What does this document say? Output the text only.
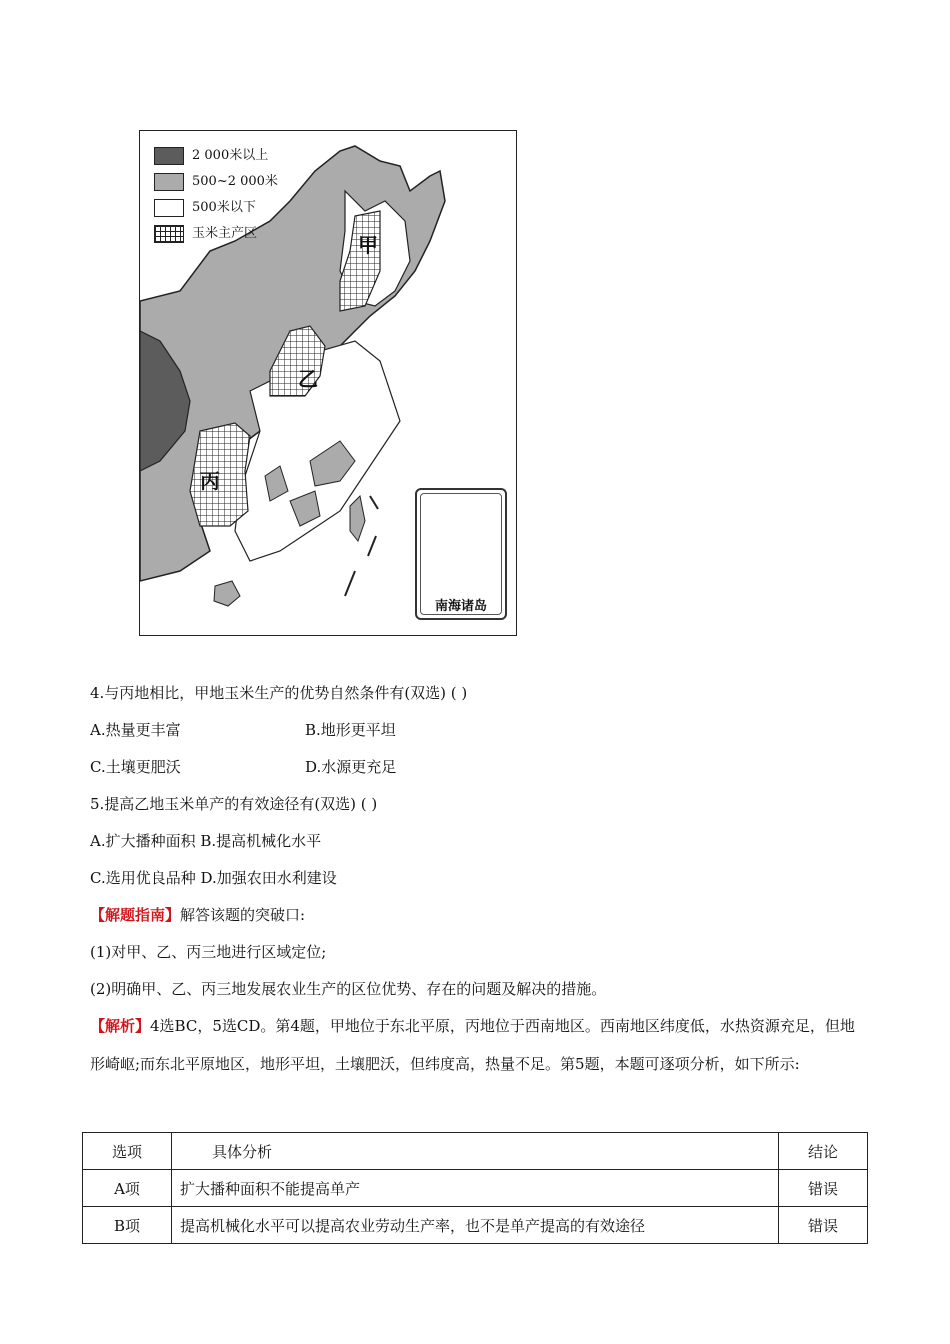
2 000米以上
500~2 000米
500米以下
玉米主产区	甲
乙
丙
南海诸岛
4.与丙地相比，甲地玉米生产的优势自然条件有(双选) ( )
A.热量更丰富	B.地形更平坦
C.土壤更肥沃	D.水源更充足
5.提高乙地玉米单产的有效途径有(双选) ( )
A.扩大播种面积 B.提高机械化水平
C.选用优良品种 D.加强农田水利建设
【解题指南】解答该题的突破口:
(1)对甲、乙、丙三地进行区域定位;
(2)明确甲、乙、丙三地发展农业生产的区位优势、存在的问题及解决的措施。
【解析】4选BC，5选CD。第4题，甲地位于东北平原，丙地位于西南地区。西南地区纬度低，水热资源充足，但地形崎岖;而东北平原地区，地形平坦，土壤肥沃，但纬度高，热量不足。第5题，本题可逐项分析，如下所示:
选项	具体分析	结论
A项	扩大播种面积不能提高单产	错误
B项	提高机械化水平可以提高农业劳动生产率，也不是单产提高的有效途径	错误
